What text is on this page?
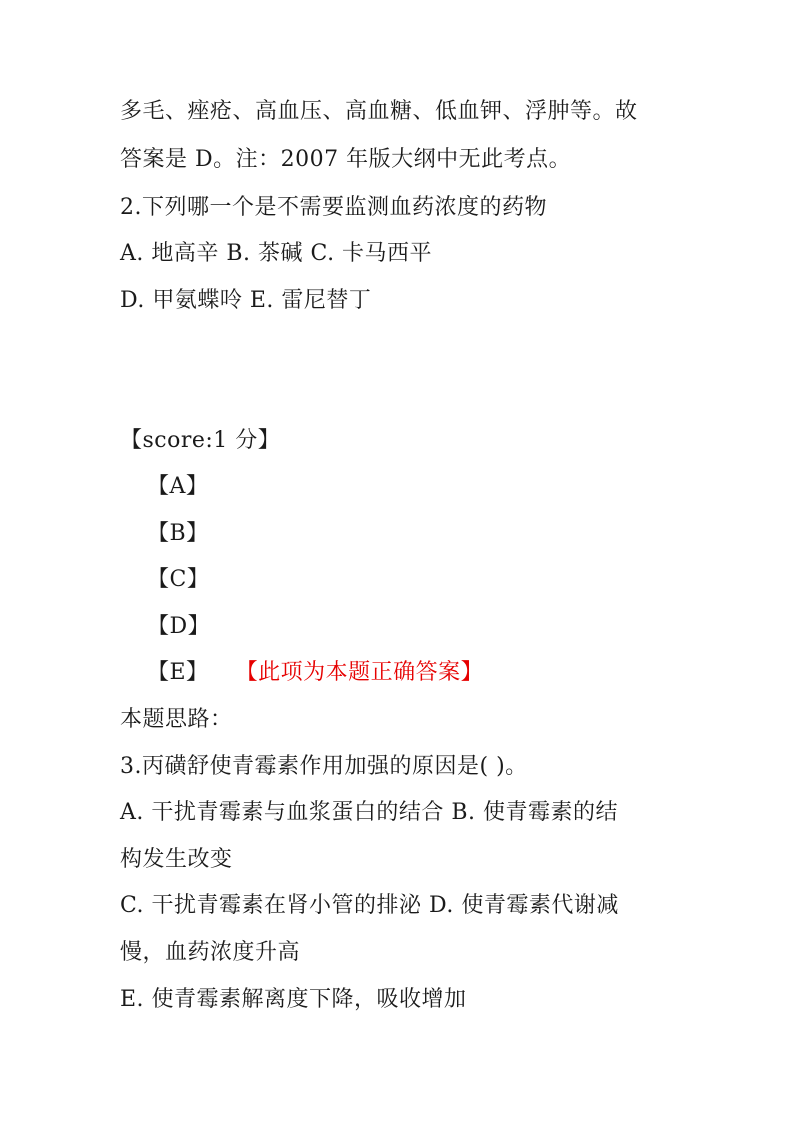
多毛、痤疮、高血压、高血糖、低血钾、浮肿等。故
答案是 D。注：2007 年版大纲中无此考点。
2.下列哪一个是不需要监测血药浓度的药物
A. 地高辛 B. 茶碱 C. 卡马西平
D. 甲氨蝶呤 E. 雷尼替丁
【score:1 分】
【A】
【B】
【C】
【D】
【E】 【此项为本题正确答案】
本题思路：
3.丙磺舒使青霉素作用加强的原因是( )。
A. 干扰青霉素与血浆蛋白的结合 B. 使青霉素的结
构发生改变
C. 干扰青霉素在肾小管的排泌 D. 使青霉素代谢减
慢，血药浓度升高
E. 使青霉素解离度下降，吸收增加
